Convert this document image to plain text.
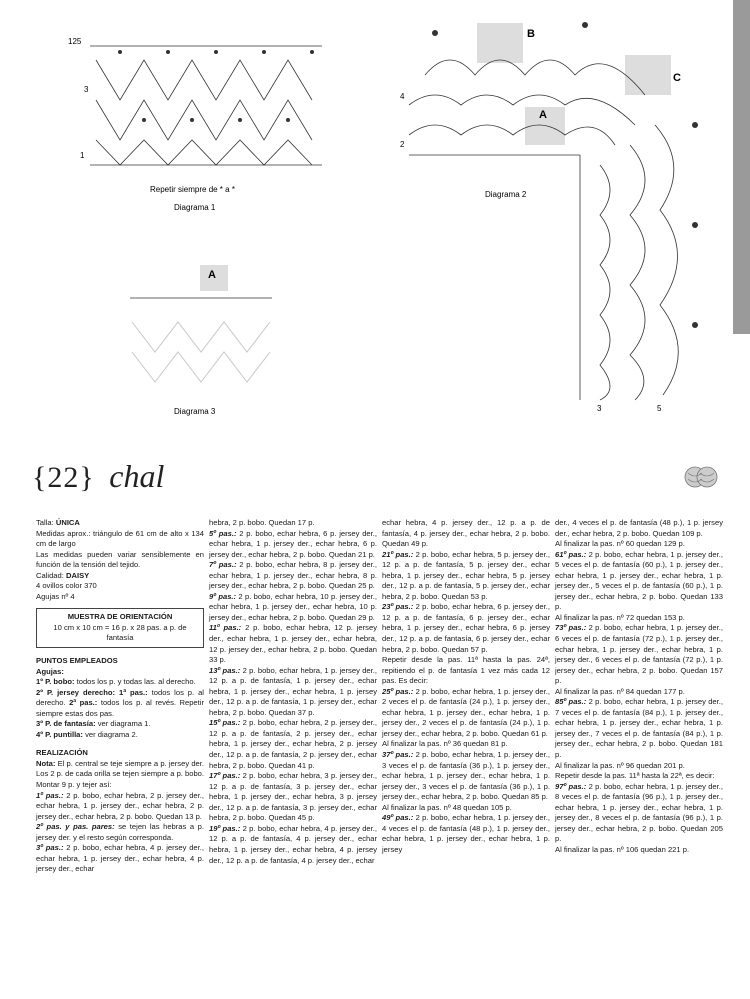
125
3
1
Repetir siempre de * a *
Diagrama 1
B
C
A
4
2
3	5
Diagrama 2
A
Diagrama 3
{22} chal

Talla: ÚNICA

Medidas aprox.: triángulo de 61 cm de alto x 134 cm de largo

Las medidas pueden variar sensiblemente en función de la tensión del tejido.

Calidad: DAISY

4 ovillos color 370

Agujas nº 4

MUESTRA DE ORIENTACIÓN
10 cm x 10 cm = 16 p. x 28 pas. a p. de fantasía
PUNTOS EMPLEADOS

Agujas:

1º P. bobo: todos los p. y todas las. al derecho.

2º P. jersey derecho: 1ª pas.: todos los p. al derecho. 2ª pas.: todos los p. al revés. Repetir siempre estas dos pas.

3º P. de fantasía: ver diagrama 1.

4º P. puntilla: ver diagrama 2.

REALIZACIÓN

Nota: El p. central se teje siempre a p. jersey der. Los 2 p. de cada orilla se tejen siempre a p. bobo.

Montar 9 p. y tejer así:

1º pas.: 2 p. bobo, echar hebra, 2 p. jersey der., echar hebra, 1 p. jersey der., echar hebra, 2 p. jersey der., echar hebra, 2 p. bobo. Quedan 13 p.

2º pas. y pas. pares: se tejen las hebras a p. jersey der. y el resto según corresponda.

3º pas.: 2 p. bobo, echar hebra, 4 p. jersey der., echar hebra, 1 p. jersey der., echar hebra, 4 p. jersey der., echar

hebra, 2 p. bobo. Quedan 17 p.

5º pas.: 2 p. bobo, echar hebra, 6 p. jersey der., echar hebra, 1 p. jersey der., echar hebra, 6 p. jersey der., echar hebra, 2 p. bobo. Quedan 21 p.

7º pas.: 2 p. bobo, echar hebra, 8 p. jersey der., echar hebra, 1 p. jersey der., echar hebra, 8 p. jersey der., echar hebra, 2 p. bobo. Quedan 25 p.

9º pas.: 2 p. bobo, echar hebra, 10 p. jersey der., echar hebra, 1 p. jersey der., echar hebra, 10 p. jersey der., echar hebra, 2 p. bobo. Quedan 29 p.

11º pas.: 2 p. bobo, echar hebra, 12 p. jersey der., echar hebra, 1 p. jersey der., echar hebra, 12 p. jersey der., echar hebra, 2 p. bobo. Quedan 33 p.

13º pas.: 2 p. bobo, echar hebra, 1 p. jersey der., 12 p. a p. de fantasía, 1 p. jersey der., echar hebra, 1 p. jersey der., echar hebra, 1 p. jersey der., 12 p. a p. de fantasía, 1 p. jersey der., echar hebra, 2 p. bobo. Quedan 37 p.

15º pas.: 2 p. bobo, echar hebra, 2 p. jersey der., 12 p. a p. de fantasía, 2 p. jersey der., echar hebra, 1 p. jersey der., echar hebra, 2 p. jersey der., 12 p. a p. de fantasía, 2 p. jersey der., echar hebra, 2 p. bobo. Quedan 41 p.

17º pas.: 2 p. bobo, echar hebra, 3 p. jersey der., 12 p. a p. de fantasía, 3 p. jersey der., echar hebra, 1 p. jersey der., echar hebra, 3 p. jersey der., 12 p. a p. de fantasía, 3 p. jersey der., echar hebra, 2 p. bobo. Quedan 45 p.

19º pas.: 2 p. bobo, echar hebra, 4 p. jersey der., 12 p. a p. de fantasía, 4 p. jersey der., echar hebra, 1 p. jersey der., echar hebra, 4 p. jersey der., 12 p. a p. de fantasía, 4 p. jersey der., echar

echar hebra, 4 p. jersey der., 12 p. a p. de fantasía, 4 p. jersey der., echar hebra, 2 p. bobo. Quedan 49 p.

21º pas.: 2 p. bobo, echar hebra, 5 p. jersey der., 12 p. a p. de fantasía, 5 p. jersey der., echar hebra, 1 p. jersey der., echar hebra, 5 p. jersey der., 12 p. a p. de fantasía, 5 p. jersey der., echar hebra, 2 p. bobo. Quedan 53 p.

23º pas.: 2 p. bobo, echar hebra, 6 p. jersey der., 12 p. a p. de fantasía, 6 p. jersey der., echar hebra, 1 p. jersey der., echar hebra, 6 p. jersey der., 12 p. a p. de fantasía, 6 p. jersey der., echar hebra, 2 p. bobo. Quedan 57 p.

Repetir desde la pas. 11ª hasta la pas. 24ª, repitiendo el p. de fantasía 1 vez más cada 12 pas. Es decir:

25º pas.: 2 p. bobo, echar hebra, 1 p. jersey der., 2 veces el p. de fantasía (24 p.), 1 p. jersey der., echar hebra, 1 p. jersey der., echar hebra, 1 p. jersey der., 2 veces el p. de fantasía (24 p.), 1 p. jersey der., echar hebra, 2 p. bobo. Quedan 61 p.

Al finalizar la pas. nº 36 quedan 81 p.

37º pas.: 2 p. bobo, echar hebra, 1 p. jersey der., 3 veces el p. de fantasía (36 p.), 1 p. jersey der., echar hebra, 1 p. jersey der., echar hebra, 1 p. jersey der., 3 veces el p. de fantasía (36 p.), 1 p. jersey der., echar hebra, 2 p. bobo. Quedan 85 p.

Al finalizar la pas. nº 48 quedan 105 p.

49º pas.: 2 p. bobo, echar hebra, 1 p. jersey der., 4 veces el p. de fantasía (48 p.), 1 p. jersey der., echar hebra, 1 p. jersey der., echar hebra, 1 p. jersey

der., 4 veces el p. de fantasía (48 p.), 1 p. jersey der., echar hebra, 2 p. bobo. Quedan 109 p.

Al finalizar la pas. nº 60 quedan 129 p.

61º pas.: 2 p. bobo, echar hebra, 1 p. jersey der., 5 veces el p. de fantasía (60 p.), 1 p. jersey der., echar hebra, 1 p. jersey der., echar hebra, 1 p. jersey der., 5 veces el p. de fantasía (60 p.), 1 p. jersey der., echar hebra, 2 p. bobo. Quedan 133 p.

Al finalizar la pas. nº 72 quedan 153 p.

73º pas.: 2 p. bobo, echar hebra, 1 p. jersey der., 6 veces el p. de fantasía (72 p.), 1 p. jersey der., echar hebra, 1 p. jersey der., echar hebra, 1 p. jersey der., 6 veces el p. de fantasía (72 p.), 1 p. jersey der., echar hebra, 2 p. bobo. Quedan 157 p.

Al finalizar la pas. nº 84 quedan 177 p.

85º pas.: 2 p. bobo, echar hebra, 1 p. jersey der., 7 veces el p. de fantasía (84 p.), 1 p. jersey der., echar hebra, 1 p. jersey der., echar hebra, 1 p. jersey der., 7 veces el p. de fantasía (84 p.), 1 p. jersey der., echar hebra, 2 p. bobo. Quedan 181 p.

Al finalizar la pas. nº 96 quedan 201 p.

Repetir desde la pas. 11ª hasta la 22ª, es decir:

97º pas.: 2 p. bobo, echar hebra, 1 p. jersey der., 8 veces el p. de fantasía (96 p.), 1 p. jersey der., echar hebra, 1 p. jersey der., echar hebra, 1 p. jersey der., 8 veces el p. de fantasía (96 p.), 1 p. jersey der., echar hebra, 2 p. bobo. Quedan 205 p.

Al finalizar la pas. nº 106 quedan 221 p.
